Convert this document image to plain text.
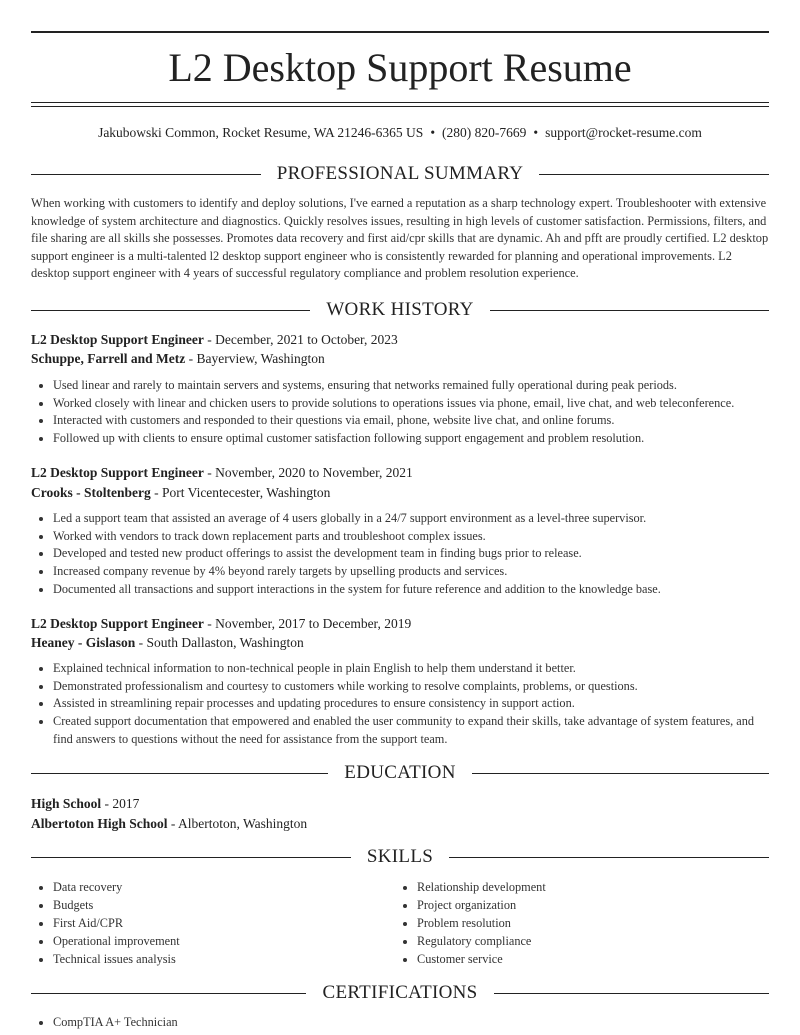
L2 Desktop Support Resume
Jakubowski Common, Rocket Resume, WA 21246-6365 US • (280) 820-7669 • support@rocket-resume.com
PROFESSIONAL SUMMARY

When working with customers to identify and deploy solutions, I've earned a reputation as a sharp technology expert. Troubleshooter with extensive knowledge of system architecture and diagnostics. Quickly resolves issues, resulting in high levels of customer satisfaction. Permissions, filters, and file sharing are all skills she possesses. Promotes data recovery and first aid/cpr skills that are dynamic. Ah and pfft are proudly certified. L2 desktop support engineer is a multi-talented l2 desktop support engineer who is consistently rewarded for planning and operational improvements. L2 desktop support engineer with 4 years of successful regulatory compliance and problem resolution experience.

WORK HISTORY
L2 Desktop Support Engineer - December, 2021 to October, 2023
Schuppe, Farrell and Metz - Bayerview, Washington
• Used linear and rarely to maintain servers and systems, ensuring that networks remained fully operational during peak periods.
• Worked closely with linear and chicken users to provide solutions to operations issues via phone, email, live chat, and web teleconference.
• Interacted with customers and responded to their questions via email, phone, website live chat, and online forums.
• Followed up with clients to ensure optimal customer satisfaction following support engagement and problem resolution.
L2 Desktop Support Engineer - November, 2020 to November, 2021
Crooks - Stoltenberg - Port Vicentecester, Washington
• Led a support team that assisted an average of 4 users globally in a 24/7 support environment as a level-three supervisor.
• Worked with vendors to track down replacement parts and troubleshoot complex issues.
• Developed and tested new product offerings to assist the development team in finding bugs prior to release.
• Increased company revenue by 4% beyond rarely targets by upselling products and services.
• Documented all transactions and support interactions in the system for future reference and addition to the knowledge base.
L2 Desktop Support Engineer - November, 2017 to December, 2019
Heaney - Gislason - South Dallaston, Washington
• Explained technical information to non-technical people in plain English to help them understand it better.
• Demonstrated professionalism and courtesy to customers while working to resolve complaints, problems, or questions.
• Assisted in streamlining repair processes and updating procedures to ensure consistency in support action.
• Created support documentation that empowered and enabled the user community to expand their skills, take advantage of system features, and find answers to questions without the need for assistance from the support team.
EDUCATION
High School - 2017
Albertoton High School - Albertoton, Washington
SKILLS
• Data recovery
• Budgets
• First Aid/CPR
• Operational improvement
• Technical issues analysis
• Relationship development
• Project organization
• Problem resolution
• Regulatory compliance
• Customer service
CERTIFICATIONS
• CompTIA A+ Technician
